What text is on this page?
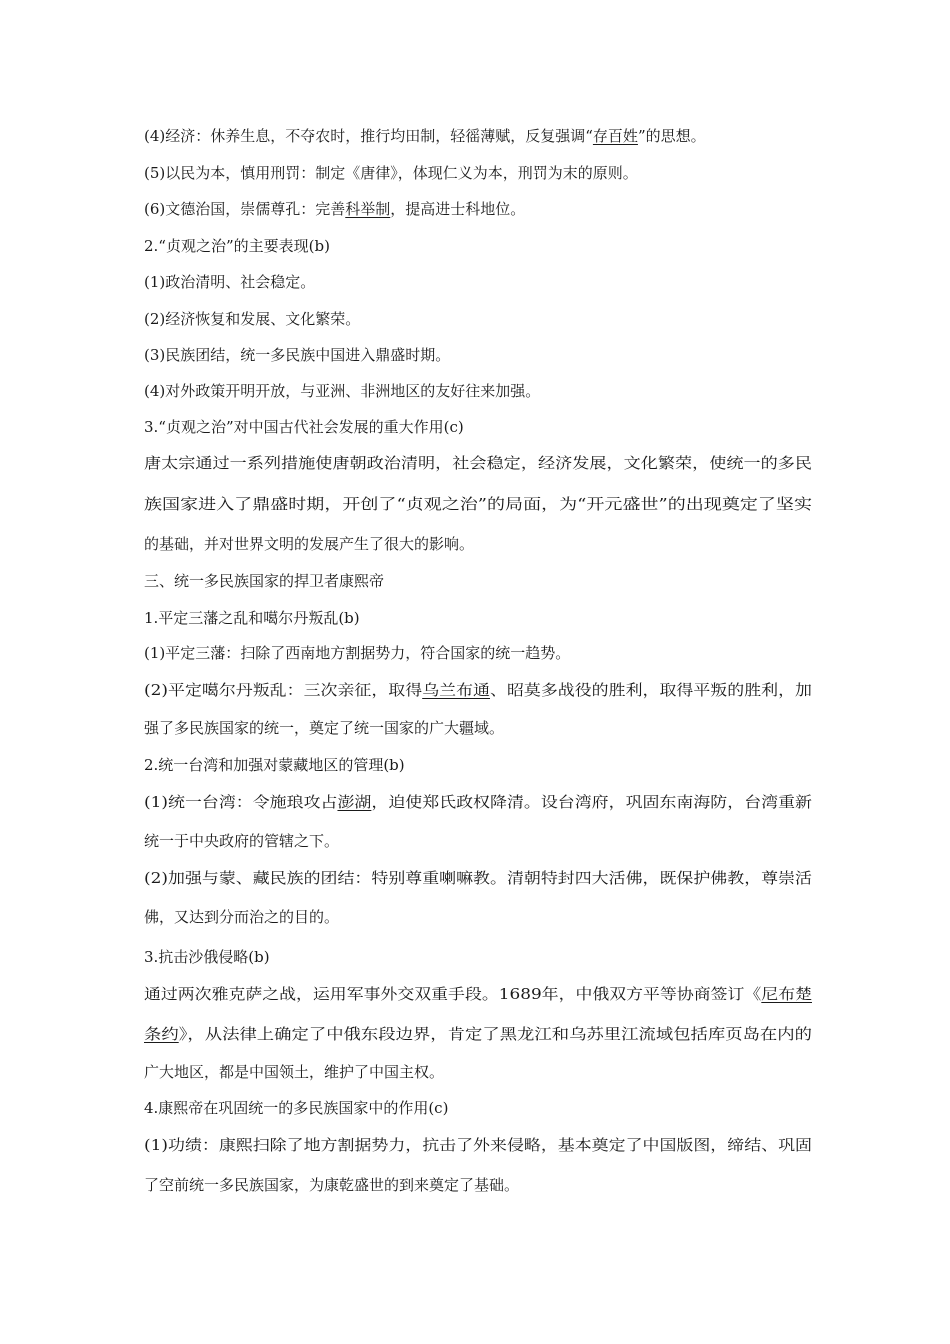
(4)经济：休养生息，不夺农时，推行均田制，轻徭薄赋，反复强调“存百姓”的思想。
(5)以民为本，慎用刑罚：制定《唐律》，体现仁义为本，刑罚为末的原则。
(6)文德治国，崇儒尊孔：完善科举制，提高进士科地位。
2.“贞观之治”的主要表现(b)
(1)政治清明、社会稳定。
(2)经济恢复和发展、文化繁荣。
(3)民族团结，统一多民族中国进入鼎盛时期。
(4)对外政策开明开放，与亚洲、非洲地区的友好往来加强。
3.“贞观之治”对中国古代社会发展的重大作用(c)
唐太宗通过一系列措施使唐朝政治清明，社会稳定，经济发展，文化繁荣，使统一的多民
族国家进入了鼎盛时期，开创了“贞观之治”的局面，为“开元盛世”的出现奠定了坚实
的基础，并对世界文明的发展产生了很大的影响。
三、统一多民族国家的捍卫者康熙帝
1.平定三藩之乱和噶尔丹叛乱(b)
(1)平定三藩：扫除了西南地方割据势力，符合国家的统一趋势。
(2)平定噶尔丹叛乱：三次亲征，取得乌兰布通、昭莫多战役的胜利，取得平叛的胜利，加
强了多民族国家的统一，奠定了统一国家的广大疆域。
2.统一台湾和加强对蒙藏地区的管理(b)
(1)统一台湾：令施琅攻占澎湖，迫使郑氏政权降清。设台湾府，巩固东南海防，台湾重新
统一于中央政府的管辖之下。
(2)加强与蒙、藏民族的团结：特别尊重喇嘛教。清朝特封四大活佛，既保护佛教，尊崇活
佛，又达到分而治之的目的。
3.抗击沙俄侵略(b)
通过两次雅克萨之战，运用军事外交双重手段。1689年，中俄双方平等协商签订《尼布楚
条约》，从法律上确定了中俄东段边界，肯定了黑龙江和乌苏里江流域包括库页岛在内的
广大地区，都是中国领土，维护了中国主权。
4.康熙帝在巩固统一的多民族国家中的作用(c)
(1)功绩：康熙扫除了地方割据势力，抗击了外来侵略，基本奠定了中国版图，缔结、巩固
了空前统一多民族国家，为康乾盛世的到来奠定了基础。
